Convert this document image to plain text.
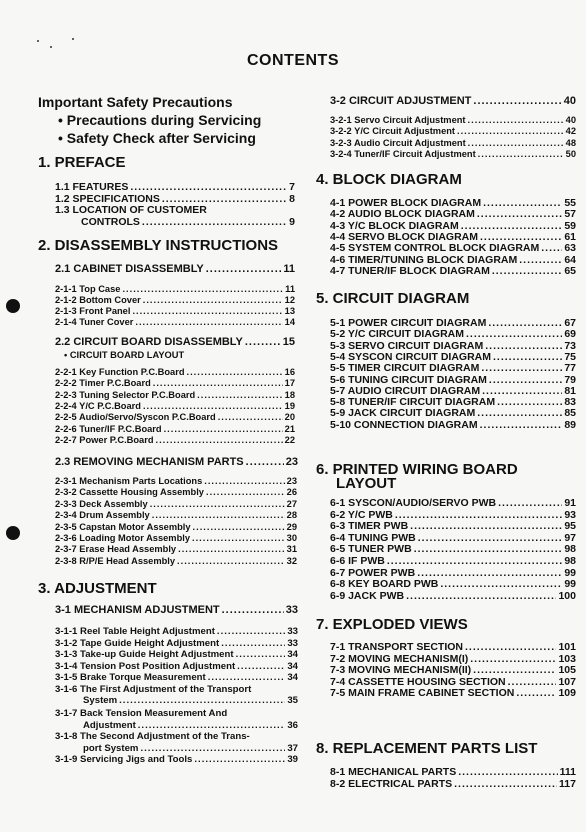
CONTENTS
Important Safety Precautions
• Precautions during Servicing
• Safety Check after Servicing
1. PREFACE
1.1 FEATURES .....	7
1.2 SPECIFICATIONS .....	8
1.3 LOCATION OF CUSTOMER
CONTROLS .....	9
2. DISASSEMBLY INSTRUCTIONS
2.1 CABINET DISASSEMBLY .....	11
2-1-1 Top Case .....	11
2-1-2 Bottom Cover .....	12
2-1-3 Front Panel .....	13
2-1-4 Tuner Cover .....	14
2.2 CIRCUIT BOARD DISASSEMBLY .....	15
• CIRCUIT BOARD LAYOUT
2-2-1 Key Function P.C.Board .....	16
2-2-2 Timer P.C.Board .....	17
2-2-3 Tuning Selector P.C.Board .....	18
2-2-4 Y/C P.C.Board .....	19
2-2-5 Audio/Servo/Syscon P.C.Board .....	20
2-2-6 Tuner/IF P.C.Board .....	21
2-2-7 Power P.C.Board .....	22
2.3 REMOVING MECHANISM PARTS .....	23
2-3-1 Mechanism Parts Locations .....	23
2-3-2 Cassette Housing Assembly .....	26
2-3-3 Deck Assembly .....	27
2-3-4 Drum Assembly .....	28
2-3-5 Capstan Motor Assembly .....	29
2-3-6 Loading Motor Assembly .....	30
2-3-7 Erase Head Assembly .....	31
2-3-8 R/P/E Head Assembly .....	32
3. ADJUSTMENT
3-1 MECHANISM ADJUSTMENT .....	33
3-1-1 Reel Table Height Adjustment .....	33
3-1-2 Tape Guide Height Adjustment .....	33
3-1-3 Take-up Guide Height Adjustment .....	34
3-1-4 Tension Post Position Adjustment .....	34
3-1-5 Brake Torque Measurement .....	34
3-1-6 The First Adjustment of the Transport
System .....	35
3-1-7 Back Tension Measurement And
Adjustment .....	36
3-1-8 The Second Adjustment of the Trans-
port System .....	37
3-1-9 Servicing Jigs and Tools .....	39
3-2 CIRCUIT ADJUSTMENT .....	40
3-2-1 Servo Circuit Adjustment .....	40
3-2-2 Y/C Circuit Adjustment .....	42
3-2-3 Audio Circuit Adjustment .....	48
3-2-4 Tuner/IF Circuit Adjustment .....	50
4. BLOCK DIAGRAM
4-1 POWER BLOCK DIAGRAM .....	55
4-2 AUDIO BLOCK DIAGRAM .....	57
4-3 Y/C BLOCK DIAGRAM .....	59
4-4 SERVO BLOCK DIAGRAM .....	61
4-5 SYSTEM CONTROL BLOCK DIAGRAM ..... 63
4-6 TIMER/TUNING BLOCK DIAGRAM .....	64
4-7 TUNER/IF BLOCK DIAGRAM .....	65
5. CIRCUIT DIAGRAM
5-1 POWER CIRCUIT DIAGRAM .....	67
5-2 Y/C CIRCUIT DIAGRAM .....	69
5-3 SERVO CIRCUIT DIAGRAM .....	73
5-4 SYSCON CIRCUIT DIAGRAM .....	75
5-5 TIMER CIRCUIT DIAGRAM .....	77
5-6 TUNING CIRCUIT DIAGRAM .....	79
5-7 AUDIO CIRCUIT DIAGRAM .....	81
5-8 TUNER/IF CIRCUIT DIAGRAM .....	83
5-9 JACK CIRCUIT DIAGRAM .....	85
5-10 CONNECTION DIAGRAM .....	89
6. PRINTED WIRING BOARD
LAYOUT
6-1 SYSCON/AUDIO/SERVO PWB .....	91
6-2 Y/C PWB .....	93
6-3 TIMER PWB .....	95
6-4 TUNING PWB .....	97
6-5 TUNER PWB .....	98
6-6 IF PWB .....	98
6-7 POWER PWB .....	99
6-8 KEY BOARD PWB .....	99
6-9 JACK PWB .....	100
7. EXPLODED VIEWS
7-1 TRANSPORT SECTION .....	101
7-2 MOVING MECHANISM(I) .....	103
7-3 MOVING MECHANISM(II) .....	105
7-4 CASSETTE HOUSING SECTION .....	107
7-5 MAIN FRAME CABINET SECTION .....	109
8. REPLACEMENT PARTS LIST
8-1 MECHANICAL PARTS .....	111
8-2 ELECTRICAL PARTS .....	117
